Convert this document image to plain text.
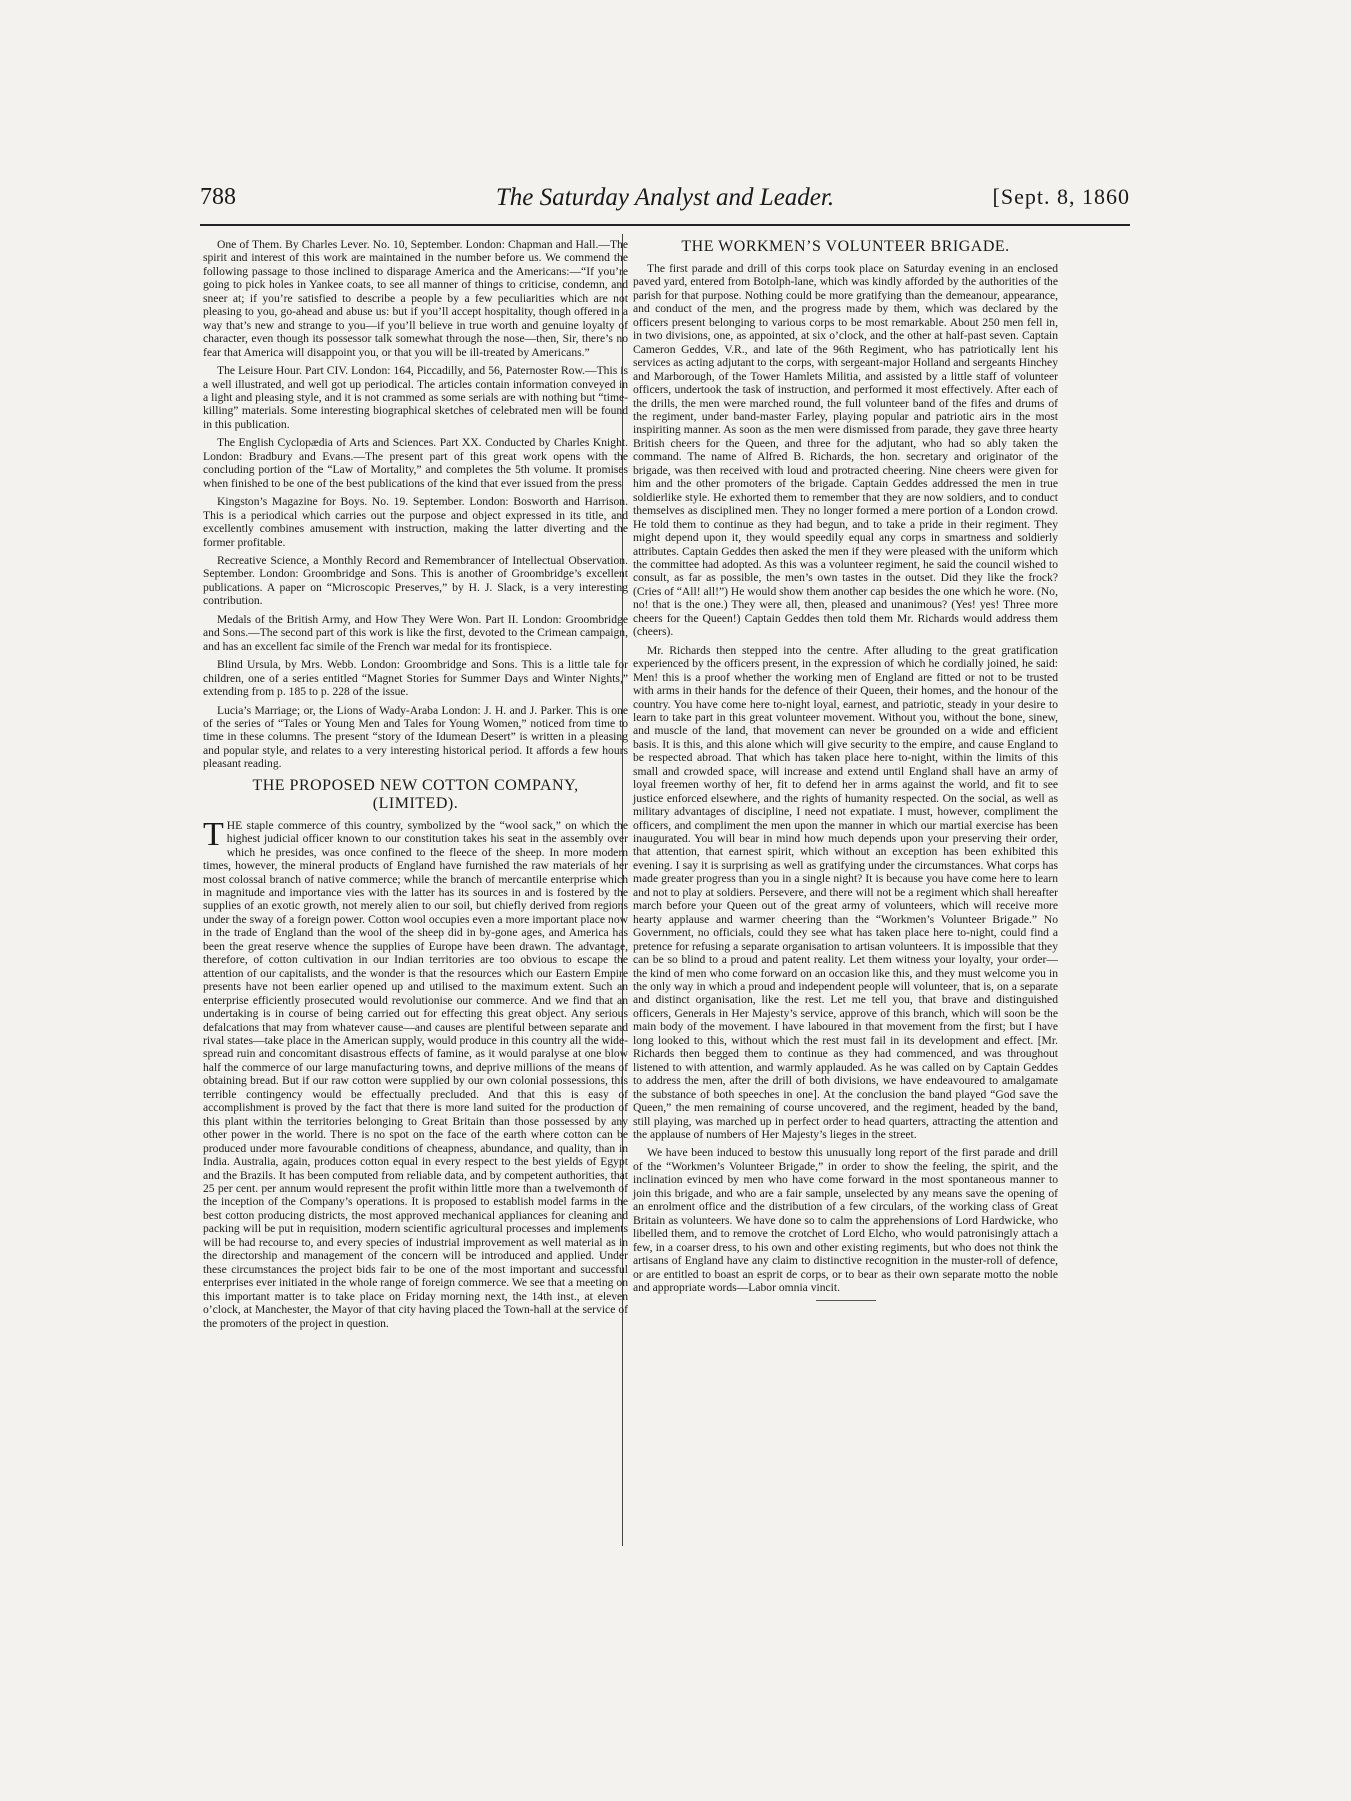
788	The Saturday Analyst and Leader.	[Sept. 8, 1860

One of Them. By Charles Lever. No. 10, September. London: Chapman and Hall.—The spirit and interest of this work are maintained in the number before us. We commend the following passage to those inclined to disparage America and the Americans:—“If you’re going to pick holes in Yankee coats, to see all manner of things to criticise, condemn, and sneer at; if you’re satisfied to describe a people by a few peculiarities which are not pleasing to you, go-ahead and abuse us: but if you’ll accept hospitality, though offered in a way that’s new and strange to you—if you’ll believe in true worth and genuine loyalty of character, even though its possessor talk somewhat through the nose—then, Sir, there’s no fear that America will disappoint you, or that you will be ill-treated by Americans.”

The Leisure Hour. Part CIV. London: 164, Piccadilly, and 56, Paternoster Row.—This is a well illustrated, and well got up periodical. The articles contain information conveyed in a light and pleasing style, and it is not crammed as some serials are with nothing but “time-killing” materials. Some interesting biographical sketches of celebrated men will be found in this publication.

The English Cyclopædia of Arts and Sciences. Part XX. Conducted by Charles Knight. London: Bradbury and Evans.—The present part of this great work opens with the concluding portion of the “Law of Mortality,” and completes the 5th volume. It promises when finished to be one of the best publications of the kind that ever issued from the press

Kingston’s Magazine for Boys. No. 19. September. London: Bosworth and Harrison. This is a periodical which carries out the purpose and object expressed in its title, and excellently combines amusement with instruction, making the latter diverting and the former profitable.

Recreative Science, a Monthly Record and Remembrancer of Intellectual Observation. September. London: Groombridge and Sons. This is another of Groombridge’s excellent publications. A paper on “Microscopic Preserves,” by H. J. Slack, is a very interesting contribution.

Medals of the British Army, and How They Were Won. Part II. London: Groombridge and Sons.—The second part of this work is like the first, devoted to the Crimean campaign, and has an excellent fac simile of the French war medal for its frontispiece.

Blind Ursula, by Mrs. Webb. London: Groombridge and Sons. This is a little tale for children, one of a series entitled “Magnet Stories for Summer Days and Winter Nights,” extending from p. 185 to p. 228 of the issue.

Lucia’s Marriage; or, the Lions of Wady-Araba London: J. H. and J. Parker. This is one of the series of “Tales or Young Men and Tales for Young Women,” noticed from time to time in these columns. The present “story of the Idumean Desert” is written in a pleasing and popular style, and relates to a very interesting historical period. It affords a few hours pleasant reading.

THE PROPOSED NEW COTTON COMPANY,
(LIMITED).

THE staple commerce of this country, symbolized by the “wool sack,” on which the highest judicial officer known to our constitution takes his seat in the assembly over which he presides, was once confined to the fleece of the sheep. In more modern times, however, the mineral products of England have furnished the raw materials of her most colossal branch of native commerce; while the branch of mercantile enterprise which in magnitude and importance vies with the latter has its sources in and is fostered by the supplies of an exotic growth, not merely alien to our soil, but chiefly derived from regions under the sway of a foreign power. Cotton wool occupies even a more important place now in the trade of England than the wool of the sheep did in by-gone ages, and America has been the great reserve whence the supplies of Europe have been drawn. The advantage, therefore, of cotton cultivation in our Indian territories are too obvious to escape the attention of our capitalists, and the wonder is that the resources which our Eastern Empire presents have not been earlier opened up and utilised to the maximum extent. Such an enterprise efficiently prosecuted would revolutionise our commerce. And we find that an undertaking is in course of being carried out for effecting this great object. Any serious defalcations that may from whatever cause—and causes are plentiful between separate and rival states—take place in the American supply, would produce in this country all the wide-spread ruin and concomitant disastrous effects of famine, as it would paralyse at one blow half the commerce of our large manufacturing towns, and deprive millions of the means of obtaining bread. But if our raw cotton were supplied by our own colonial possessions, this terrible contingency would be effectually precluded. And that this is easy of accomplishment is proved by the fact that there is more land suited for the production of this plant within the territories belonging to Great Britain than those possessed by any other power in the world. There is no spot on the face of the earth where cotton can be produced under more favourable conditions of cheapness, abundance, and quality, than in India. Australia, again, produces cotton equal in every respect to the best yields of Egypt and the Brazils. It has been computed from reliable data, and by competent authorities, that 25 per cent. per annum would represent the profit within little more than a twelvemonth of the inception of the Company’s operations. It is proposed to establish model farms in the best cotton producing districts, the most approved mechanical appliances for cleaning and packing will be put in requisition, modern scientific agricultural processes and implements will be had recourse to, and every species of industrial improvement as well material as in the directorship and management of the concern will be introduced and applied. Under these circumstances the project bids fair to be one of the most important and successful enterprises ever initiated in the whole range of foreign commerce. We see that a meeting on this important matter is to take place on Friday morning next, the 14th inst., at eleven o’clock, at Manchester, the Mayor of that city having placed the Town-hall at the service of the promoters of the project in question.

THE WORKMEN’S VOLUNTEER BRIGADE.

The first parade and drill of this corps took place on Saturday evening in an enclosed paved yard, entered from Botolph-lane, which was kindly afforded by the authorities of the parish for that purpose. Nothing could be more gratifying than the demeanour, appearance, and conduct of the men, and the progress made by them, which was declared by the officers present belonging to various corps to be most remarkable. About 250 men fell in, in two divisions, one, as appointed, at six o’clock, and the other at half-past seven. Captain Cameron Geddes, V.R., and late of the 96th Regiment, who has patriotically lent his services as acting adjutant to the corps, with sergeant-major Holland and sergeants Hinchey and Marborough, of the Tower Hamlets Militia, and assisted by a little staff of volunteer officers, undertook the task of instruction, and performed it most effectively. After each of the drills, the men were marched round, the full volunteer band of the fifes and drums of the regiment, under band-master Farley, playing popular and patriotic airs in the most inspiriting manner. As soon as the men were dismissed from parade, they gave three hearty British cheers for the Queen, and three for the adjutant, who had so ably taken the command. The name of Alfred B. Richards, the hon. secretary and originator of the brigade, was then received with loud and protracted cheering. Nine cheers were given for him and the other promoters of the brigade. Captain Geddes addressed the men in true soldierlike style. He exhorted them to remember that they are now soldiers, and to conduct themselves as disciplined men. They no longer formed a mere portion of a London crowd. He told them to continue as they had begun, and to take a pride in their regiment. They might depend upon it, they would speedily equal any corps in smartness and soldierly attributes. Captain Geddes then asked the men if they were pleased with the uniform which the committee had adopted. As this was a volunteer regiment, he said the council wished to consult, as far as possible, the men’s own tastes in the outset. Did they like the frock? (Cries of “All! all!”) He would show them another cap besides the one which he wore. (No, no! that is the one.) They were all, then, pleased and unanimous? (Yes! yes! Three more cheers for the Queen!) Captain Geddes then told them Mr. Richards would address them (cheers).

Mr. Richards then stepped into the centre. After alluding to the great gratification experienced by the officers present, in the expression of which he cordially joined, he said: Men! this is a proof whether the working men of England are fitted or not to be trusted with arms in their hands for the defence of their Queen, their homes, and the honour of the country. You have come here to-night loyal, earnest, and patriotic, steady in your desire to learn to take part in this great volunteer movement. Without you, without the bone, sinew, and muscle of the land, that movement can never be grounded on a wide and efficient basis. It is this, and this alone which will give security to the empire, and cause England to be respected abroad. That which has taken place here to-night, within the limits of this small and crowded space, will increase and extend until England shall have an army of loyal freemen worthy of her, fit to defend her in arms against the world, and fit to see justice enforced elsewhere, and the rights of humanity respected. On the social, as well as military advantages of discipline, I need not expatiate. I must, however, compliment the officers, and compliment the men upon the manner in which our martial exercise has been inaugurated. You will bear in mind how much depends upon your preserving their order, that attention, that earnest spirit, which without an exception has been exhibited this evening. I say it is surprising as well as gratifying under the circumstances. What corps has made greater progress than you in a single night? It is because you have come here to learn and not to play at soldiers. Persevere, and there will not be a regiment which shall hereafter march before your Queen out of the great army of volunteers, which will receive more hearty applause and warmer cheering than the “Workmen’s Volunteer Brigade.” No Government, no officials, could they see what has taken place here to-night, could find a pretence for refusing a separate organisation to artisan volunteers. It is impossible that they can be so blind to a proud and patent reality. Let them witness your loyalty, your order—the kind of men who come forward on an occasion like this, and they must welcome you in the only way in which a proud and independent people will volunteer, that is, on a separate and distinct organisation, like the rest. Let me tell you, that brave and distinguished officers, Generals in Her Majesty’s service, approve of this branch, which will soon be the main body of the movement. I have laboured in that movement from the first; but I have long looked to this, without which the rest must fail in its development and effect. [Mr. Richards then begged them to continue as they had commenced, and was throughout listened to with attention, and warmly applauded. As he was called on by Captain Geddes to address the men, after the drill of both divisions, we have endeavoured to amalgamate the substance of both speeches in one]. At the conclusion the band played “God save the Queen,” the men remaining of course uncovered, and the regiment, headed by the band, still playing, was marched up in perfect order to head quarters, attracting the attention and the applause of numbers of Her Majesty’s lieges in the street.

We have been induced to bestow this unusually long report of the first parade and drill of the “Workmen’s Volunteer Brigade,” in order to show the feeling, the spirit, and the inclination evinced by men who have come forward in the most spontaneous manner to join this brigade, and who are a fair sample, unselected by any means save the opening of an enrolment office and the distribution of a few circulars, of the working class of Great Britain as volunteers. We have done so to calm the apprehensions of Lord Hardwicke, who libelled them, and to remove the crotchet of Lord Elcho, who would patronisingly attach a few, in a coarser dress, to his own and other existing regiments, but who does not think the artisans of England have any claim to distinctive recognition in the muster-roll of defence, or are entitled to boast an esprit de corps, or to bear as their own separate motto the noble and appropriate words—Labor omnia vincit.
